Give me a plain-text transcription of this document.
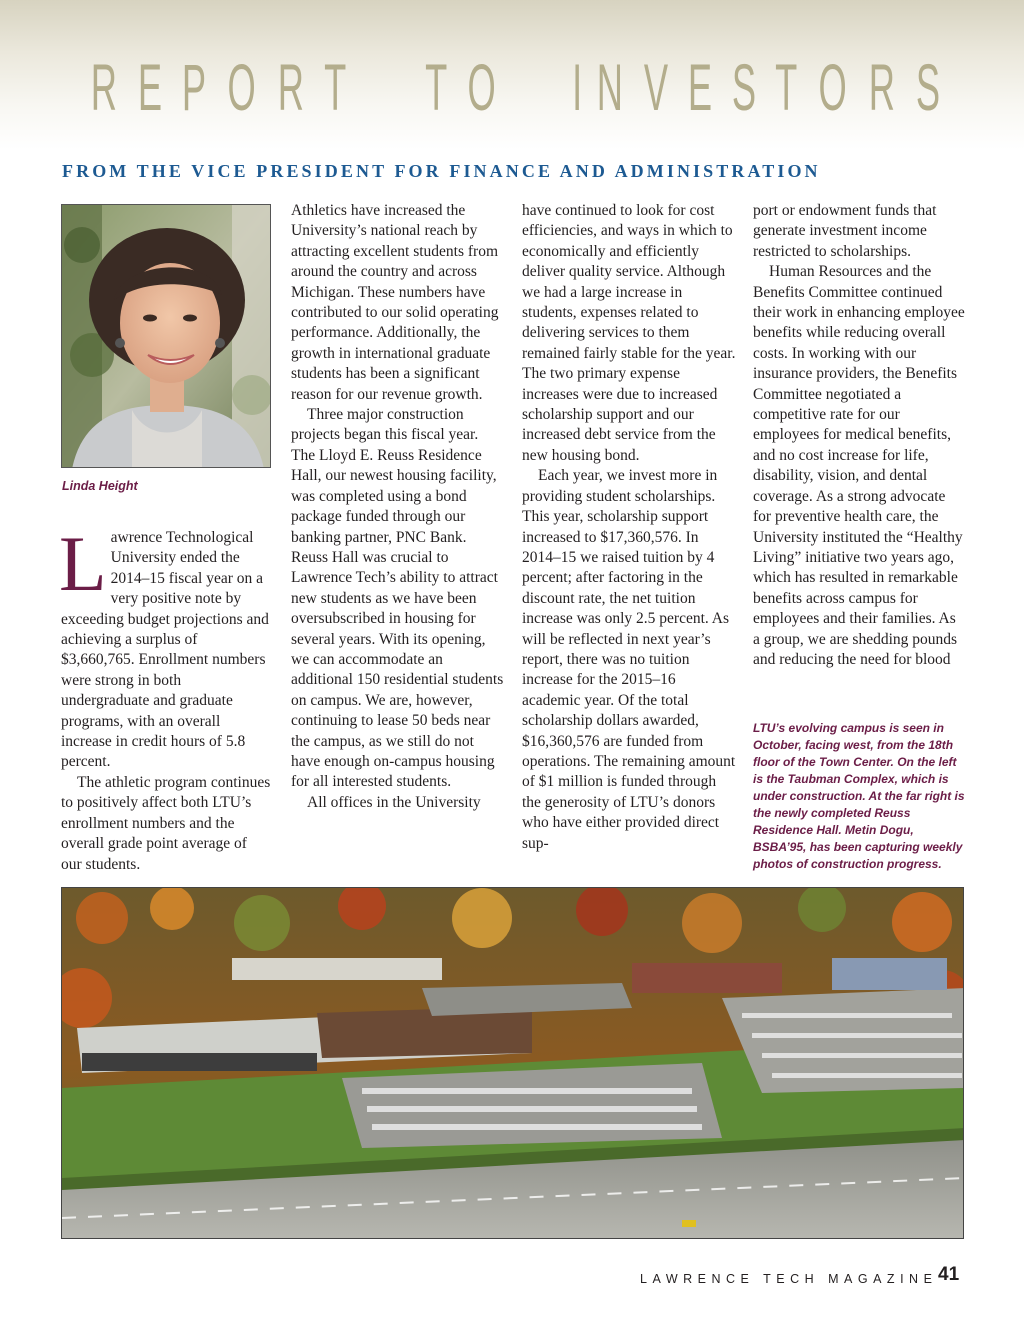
R E P O R T T O I N V E S T O R S
FROM THE VICE PRESIDENT FOR FINANCE AND ADMINISTRATION
Linda Height

Lawrence Technological University ended the 2014–15 fiscal year on a very positive note by exceeding budget projections and achieving a surplus of $3,660,765. Enrollment numbers were strong in both undergraduate and graduate programs, with an overall increase in credit hours of 5.8 percent.

The athletic program continues to positively affect both LTU’s enrollment numbers and the overall grade point average of our students.

Athletics have increased the University’s national reach by attracting excellent students from around the country and across Michigan. These numbers have contributed to our solid operating performance. Additionally, the growth in international graduate students has been a significant reason for our revenue growth.

Three major construction projects began this fiscal year. The Lloyd E. Reuss Residence Hall, our newest housing facility, was completed using a bond package funded through our banking partner, PNC Bank. Reuss Hall was crucial to Lawrence Tech’s ability to attract new students as we have been oversubscribed in housing for several years. With its opening, we can accommodate an additional 150 residential students on campus. We are, however, continuing to lease 50 beds near the campus, as we still do not have enough on-campus housing for all interested students.

All offices in the University

have continued to look for cost efficiencies, and ways in which to economically and efficiently deliver quality service. Although we had a large increase in students, expenses related to delivering services to them remained fairly stable for the year. The two primary expense increases were due to increased scholarship support and our increased debt service from the new housing bond.

Each year, we invest more in providing student scholarships. This year, scholarship support increased to $17,360,576. In 2014–15 we raised tuition by 4 percent; after factoring in the discount rate, the net tuition increase was only 2.5 percent. As will be reflected in next year’s report, there was no tuition increase for the 2015–16 academic year. Of the total scholarship dollars awarded, $16,360,576 are funded from operations. The remaining amount of $1 million is funded through the generosity of LTU’s donors who have either provided direct sup-

port or endowment funds that generate investment income restricted to scholarships.

Human Resources and the Benefits Committee continued their work in enhancing employee benefits while reducing overall costs. In working with our insurance providers, the Benefits Committee negotiated a competitive rate for our employees for medical benefits, and no cost increase for life, disability, vision, and dental coverage. As a strong advocate for preventive health care, the University instituted the “Healthy Living” initiative two years ago, which has resulted in remarkable benefits across campus for employees and their families. As a group, we are shedding pounds and reducing the need for blood

LTU’s evolving campus is seen in October, facing west, from the 18th floor of the Town Center. On the left is the Taubman Complex, which is under construction. At the far right is the newly completed Reuss Residence Hall. Metin Dogu, BSBA’95, has been capturing weekly photos of construction progress.
LAWRENCE TECH MAGAZINE 41
